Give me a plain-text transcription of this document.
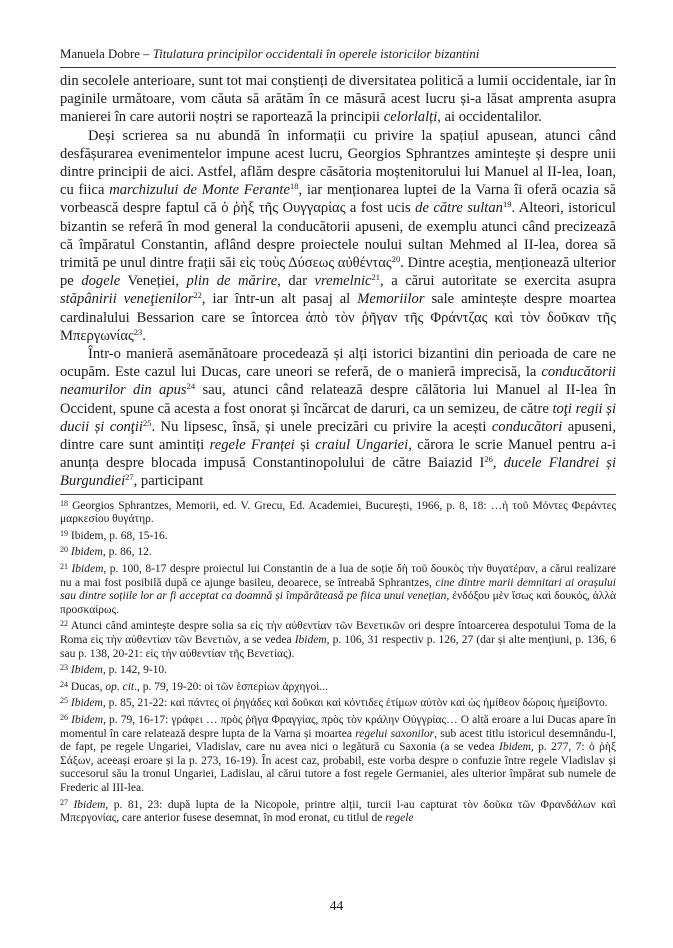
Manuela Dobre – Titulatura principilor occidentali în operele istoricilor bizantini

din secolele anterioare, sunt tot mai conștienți de diversitatea politică a lumii occidentale, iar în paginile următoare, vom căuta să arătăm în ce măsură acest lucru și-a lăsat amprenta asupra manierei în care autorii noștri se raportează la principii celorlalți, ai occidentalilor.

Deși scrierea sa nu abundă în informații cu privire la spațiul apusean, atunci când desfășurarea evenimentelor impune acest lucru, Georgios Sphrantzes amintește și despre unii dintre principii de aici. Astfel, aflăm despre căsătoria moștenitorului lui Manuel al II-lea, Ioan, cu fiica marchizului de Monte Ferante$^{18}$, iar menționarea luptei de la Varna îi oferă ocazia să vorbească despre faptul că ὁ ῥὴξ τῆς Ουγγαρίας a fost ucis de către sultan$^{19}$. Alteori, istoricul bizantin se referă în mod general la conducătorii apuseni, de exemplu atunci când precizează că împăratul Constantin, aflând despre proiectele noului sultan Mehmed al II-lea, dorea să trimită pe unul dintre frații săi εἰς τοὺς Δύσεως αὐθέντας$^{20}$. Dintre aceștia, menționează ulterior pe dogele Veneției, plin de mărire, dar vremelnic$^{21}$, a cărui autoritate se exercita asupra stăpânirii veneţienilor$^{22}$, iar într-un alt pasaj al Memoriilor sale amintește despre moartea cardinalului Bessarion care se întorcea ἀπὸ τὸν ῥῆγαν τῆς Φράντζας καὶ τὸν δοῦκαν τῆς Μπεργωνίας$^{23}$.

Într-o manieră asemănătoare procedează și alți istorici bizantini din perioada de care ne ocupăm. Este cazul lui Ducas, care uneori se referă, de o manieră imprecisă, la conducătorii neamurilor din apus$^{24}$ sau, atunci când relatează despre călătoria lui Manuel al II-lea în Occident, spune că acesta a fost onorat și încărcat de daruri, ca un semizeu, de către toţi regii și ducii și conţii$^{25}$. Nu lipsesc, însă, și unele precizări cu privire la acești conducători apuseni, dintre care sunt amintiți regele Franței și craiul Ungariei, cărora le scrie Manuel pentru a-i anunța despre blocada impusă Constantinopolului de către Baiazid $I^{26}$, ducele Flandrei și Burgundiei$^{27}$, participant

$^{18}$ Georgios Sphrantzes, Memorii, ed. V. Grecu, Ed. Academiei, București, 1966, p. 8, 18: …ἡ τοῦ Μόντες Φεράντες μαρκεσίου θυγάτηρ.

$^{19}$ Ibidem, p. 68, 15-16.

$^{20}$ Ibidem, p. 86, 12.

$^{21}$ Ibidem, p. 100, 8-17 despre proiectul lui Constantin de a lua de soție δὴ τοῦ δουκὸς τὴν θυγατέραν, a cărui realizare nu a mai fost posibilă după ce ajunge basileu, deoarece, se întreabă Sphrantzes, cine dintre marii demnitari ai orașului sau dintre soțiile lor ar fi acceptat ca doamnă și împărăteasă pe fiica unui venețian, ἐνδόξου μὲν ἴσως καὶ δουκός, ἀλλὰ προσκαίρως.

$^{22}$ Atunci când amintește despre solia sa εἰς τὴν αὐθεντίαν τῶν Βενετικῶν ori despre întoarcerea despotului Toma de la Roma εἰς τὴν αὐθεντίαν τῶν Βενετιῶν, a se vedea Ibidem, p. 106, 31 respectiv p. 126, 27 (dar și alte menţiuni, p. 136, 6 sau p. 138, 20-21: εἰς τὴν αὐθεντίαν τῆς Βενετίας).

$^{23}$ Ibidem, p. 142, 9-10.

$^{24}$ Ducas, op. cit., p. 79, 19-20: οἱ τῶν ἑσπερίων ἀρχηγοὶ...

$^{25}$ Ibidem, p. 85, 21-22: καὶ πάντες οἱ ῥηγάδες καὶ δοῦκαι καὶ κόντιδες ἐτίμων αὐτὸν καὶ ὡς ἡμίθεον δώροις ἠμείβοντο.

$^{26}$ Ibidem, p. 79, 16-17: γράφει … πρὸς ῥῆγα Φραγγίας, πρὸς τὸν κράλην Οὐγγρίας… O altă eroare a lui Ducas apare în momentul în care relatează despre lupta de la Varna și moartea regelui saxonilor, sub acest titlu istoricul desemnându-l, de fapt, pe regele Ungariei, Vladislav, care nu avea nici o legătură cu Saxonia (a se vedea Ibidem, p. 277, 7: ὁ ῥὴξ Σάξων, aceeași eroare și la p. 273, 16-19). În acest caz, probabil, este vorba despre o confuzie între regele Vladislav și succesorul său la tronul Ungariei, Ladislau, al cărui tutore a fost regele Germaniei, ales ulterior împărat sub numele de Frederic al III-lea.

$^{27}$ Ibidem, p. 81, 23: după lupta de la Nicopole, printre alții, turcii l-au capturat τὸν δοῦκα τῶν Φρανδάλων καὶ Μπεργονίας, care anterior fusese desemnat, în mod eronat, cu titlul de regele

44
